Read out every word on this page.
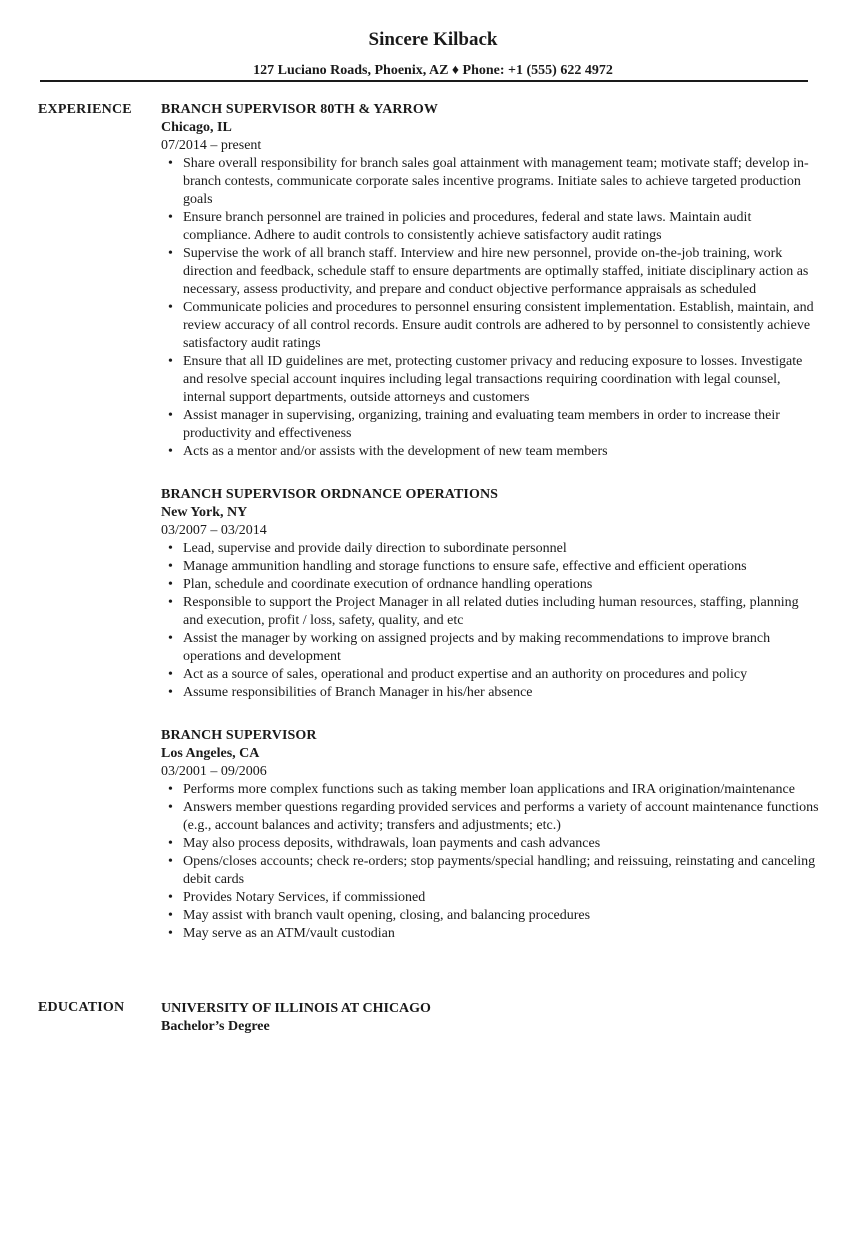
Sincere Kilback
127 Luciano Roads, Phoenix, AZ ♦ Phone: +1 (555) 622 4972
EXPERIENCE BRANCH SUPERVISOR 80TH & YARROW
Chicago, IL
07/2014 – present
• Share overall responsibility for branch sales goal attainment with management team; motivate staff; develop in-branch contests, communicate corporate sales incentive programs. Initiate sales to achieve targeted production goals
• Ensure branch personnel are trained in policies and procedures, federal and state laws. Maintain audit compliance. Adhere to audit controls to consistently achieve satisfactory audit ratings
• Supervise the work of all branch staff. Interview and hire new personnel, provide on-the-job training, work direction and feedback, schedule staff to ensure departments are optimally staffed, initiate disciplinary action as necessary, assess productivity, and prepare and conduct objective performance appraisals as scheduled
• Communicate policies and procedures to personnel ensuring consistent implementation. Establish, maintain, and review accuracy of all control records. Ensure audit controls are adhered to by personnel to consistently achieve satisfactory audit ratings
• Ensure that all ID guidelines are met, protecting customer privacy and reducing exposure to losses. Investigate and resolve special account inquires including legal transactions requiring coordination with legal counsel, internal support departments, outside attorneys and customers
• Assist manager in supervising, organizing, training and evaluating team members in order to increase their productivity and effectiveness
• Acts as a mentor and/or assists with the development of new team members
BRANCH SUPERVISOR ORDNANCE OPERATIONS
New York, NY
03/2007 – 03/2014
• Lead, supervise and provide daily direction to subordinate personnel
• Manage ammunition handling and storage functions to ensure safe, effective and efficient operations
• Plan, schedule and coordinate execution of ordnance handling operations
• Responsible to support the Project Manager in all related duties including human resources, staffing, planning and execution, profit / loss, safety, quality, and etc
• Assist the manager by working on assigned projects and by making recommendations to improve branch operations and development
• Act as a source of sales, operational and product expertise and an authority on procedures and policy
• Assume responsibilities of Branch Manager in his/her absence
BRANCH SUPERVISOR
Los Angeles, CA
03/2001 – 09/2006
• Performs more complex functions such as taking member loan applications and IRA origination/maintenance
• Answers member questions regarding provided services and performs a variety of account maintenance functions (e.g., account balances and activity; transfers and adjustments; etc.)
• May also process deposits, withdrawals, loan payments and cash advances
• Opens/closes accounts; check re-orders; stop payments/special handling; and reissuing, reinstating and canceling debit cards
• Provides Notary Services, if commissioned
• May assist with branch vault opening, closing, and balancing procedures
• May serve as an ATM/vault custodian
EDUCATION	UNIVERSITY OF ILLINOIS AT CHICAGO
Bachelor’s Degree
